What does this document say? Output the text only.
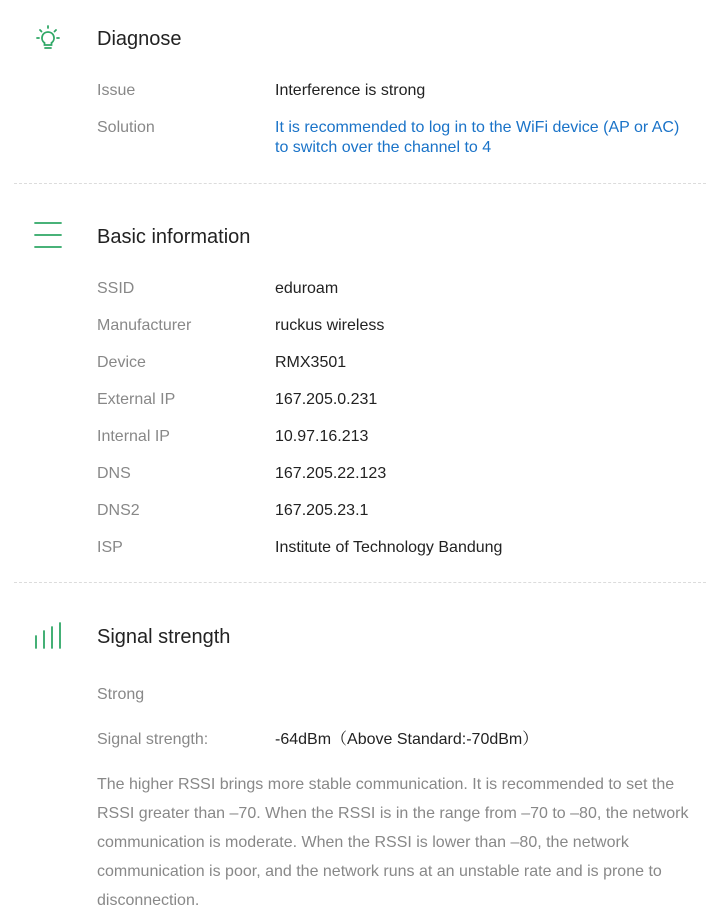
Diagnose
Issue	Interference is strong
Solution	It is recommended to log in to the WiFi device (AP or AC) to switch over the channel to 4
Basic information
SSID	eduroam
Manufacturer	ruckus wireless
Device	RMX3501
External IP	167.205.0.231
Internal IP	10.97.16.213
DNS	167.205.22.123
DNS2	167.205.23.1
ISP	Institute of Technology Bandung
Signal strength
Strong
Signal strength:	-64dBm（Above Standard:-70dBm）
The higher RSSI brings more stable communication. It is recommended to set the RSSI greater than –70. When the RSSI is in the range from –70 to –80, the network communication is moderate. When the RSSI is lower than –80, the network communication is poor, and the network runs at an unstable rate and is prone to disconnection.
